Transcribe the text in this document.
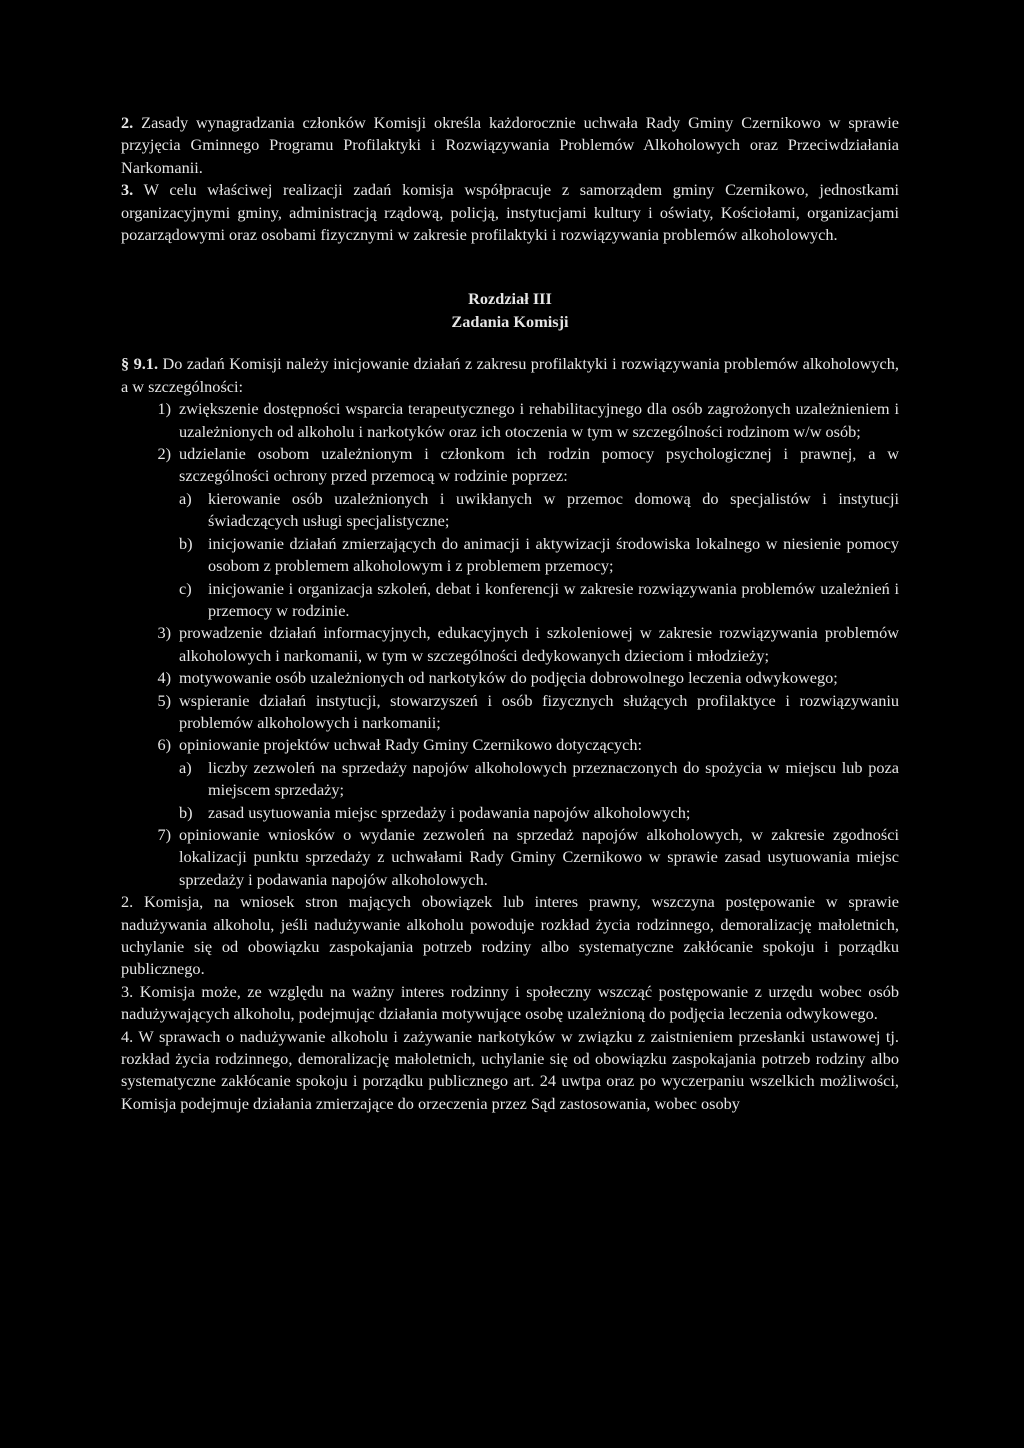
2. Zasady wynagradzania członków Komisji określa każdorocznie uchwała Rady Gminy Czernikowo w sprawie przyjęcia Gminnego Programu Profilaktyki i Rozwiązywania Problemów Alkoholowych oraz Przeciwdziałania Narkomanii.

3. W celu właściwej realizacji zadań komisja współpracuje z samorządem gminy Czernikowo, jednostkami organizacyjnymi gminy, administracją rządową, policją, instytucjami kultury i oświaty, Kościołami, organizacjami pozarządowymi oraz osobami fizycznymi w zakresie profilaktyki i rozwiązywania problemów alkoholowych.

Rozdział III
Zadania Komisji

§ 9.1. Do zadań Komisji należy inicjowanie działań z zakresu profilaktyki i rozwiązywania problemów alkoholowych, a w szczególności:

1) zwiększenie dostępności wsparcia terapeutycznego i rehabilitacyjnego dla osób zagrożonych uzależnieniem i uzależnionych od alkoholu i narkotyków oraz ich otoczenia w tym w szczególności rodzinom w/w osób;
2) udzielanie osobom uzależnionym i członkom ich rodzin pomocy psychologicznej i prawnej, a w szczególności ochrony przed przemocą w rodzinie poprzez:
a)	kierowanie osób uzależnionych i uwikłanych w przemoc domową do specjalistów i instytucji świadczących usługi specjalistyczne;
b) inicjowanie działań zmierzających do animacji i aktywizacji środowiska lokalnego w niesienie pomocy osobom z problemem alkoholowym i z problemem przemocy;
c)	inicjowanie i organizacja szkoleń, debat i konferencji w zakresie rozwiązywania problemów uzależnień i przemocy w rodzinie.
3) prowadzenie działań informacyjnych, edukacyjnych i szkoleniowej w zakresie rozwiązywania problemów alkoholowych i narkomanii, w tym w szczególności dedykowanych dzieciom i młodzieży;
4) motywowanie osób uzależnionych od narkotyków do podjęcia dobrowolnego leczenia odwykowego;
5) wspieranie działań instytucji, stowarzyszeń i osób fizycznych służących profilaktyce i rozwiązywaniu problemów alkoholowych i narkomanii;
6) opiniowanie projektów uchwał Rady Gminy Czernikowo dotyczących:
a)	liczby zezwoleń na sprzedaży napojów alkoholowych przeznaczonych do spożycia w miejscu lub poza miejscem sprzedaży;
b) zasad usytuowania miejsc sprzedaży i podawania napojów alkoholowych;
7) opiniowanie wniosków o wydanie zezwoleń na sprzedaż napojów alkoholowych, w zakresie zgodności lokalizacji punktu sprzedaży z uchwałami Rady Gminy Czernikowo w sprawie zasad usytuowania miejsc sprzedaży i podawania napojów alkoholowych.

2. Komisja, na wniosek stron mających obowiązek lub interes prawny, wszczyna postępowanie w sprawie nadużywania alkoholu, jeśli nadużywanie alkoholu powoduje rozkład życia rodzinnego, demoralizację małoletnich, uchylanie się od obowiązku zaspokajania potrzeb rodziny albo systematyczne zakłócanie spokoju i porządku publicznego.

3. Komisja może, ze względu na ważny interes rodzinny i społeczny wszcząć postępowanie z urzędu wobec osób nadużywających alkoholu, podejmując działania motywujące osobę uzależnioną do podjęcia leczenia odwykowego.

4. W sprawach o nadużywanie alkoholu i zażywanie narkotyków w związku z zaistnieniem przesłanki ustawowej tj. rozkład życia rodzinnego, demoralizację małoletnich, uchylanie się od obowiązku zaspokajania potrzeb rodziny albo systematyczne zakłócanie spokoju i porządku publicznego art. 24 uwtpa oraz po wyczerpaniu wszelkich możliwości, Komisja podejmuje działania zmierzające do orzeczenia przez Sąd zastosowania, wobec osoby
